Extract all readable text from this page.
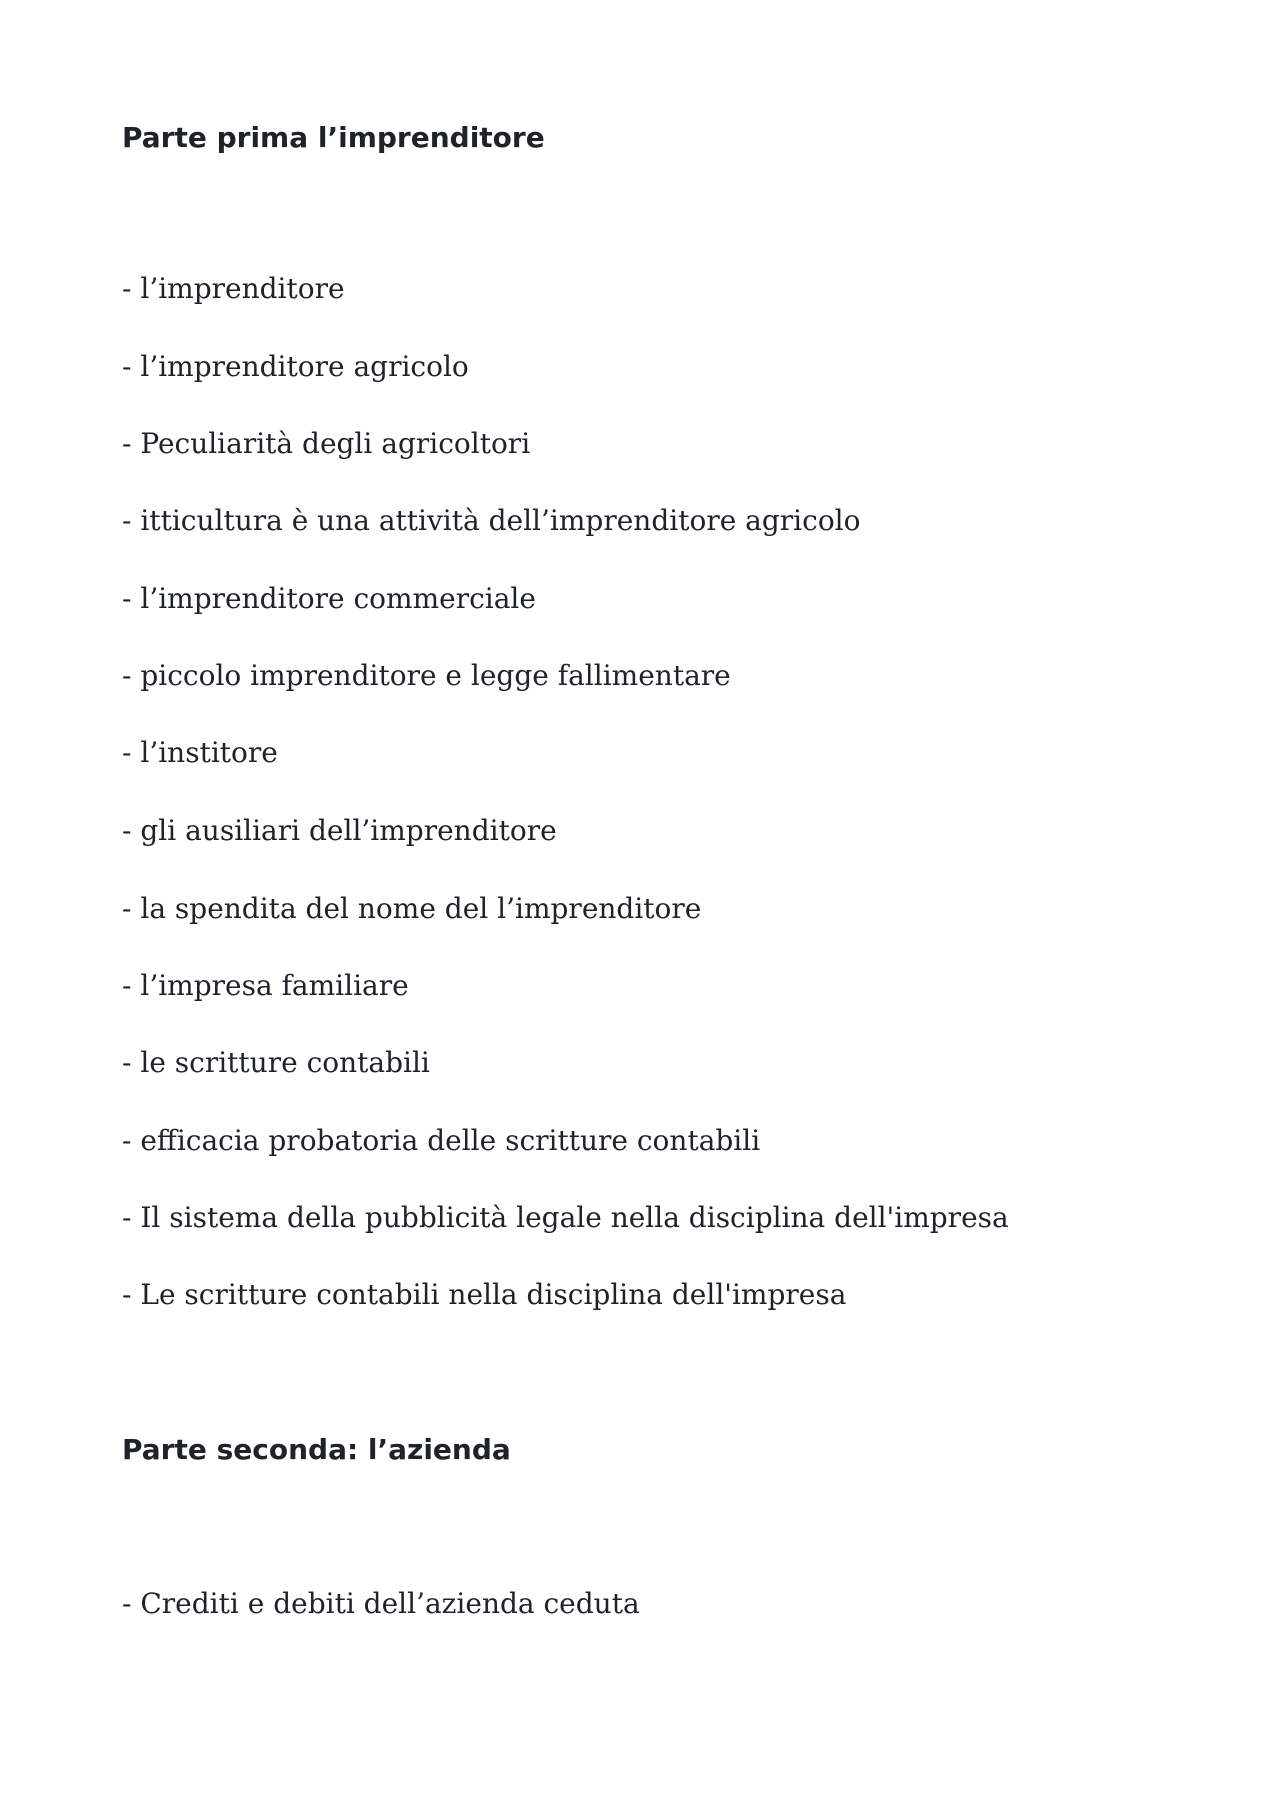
Parte prima l’imprenditore

- l’imprenditore

- l’imprenditore agricolo

- Peculiarità degli agricoltori

- itticultura è una attività dell’imprenditore agricolo

- l’imprenditore commerciale

- piccolo imprenditore e legge fallimentare

- l’institore

- gli ausiliari dell’imprenditore

- la spendita del nome del l’imprenditore

- l’impresa familiare

- le scritture contabili

- efficacia probatoria delle scritture contabili

- Il sistema della pubblicità legale nella disciplina dell'impresa

- Le scritture contabili nella disciplina dell'impresa

Parte seconda: l’azienda

- Crediti e debiti dell’azienda ceduta
